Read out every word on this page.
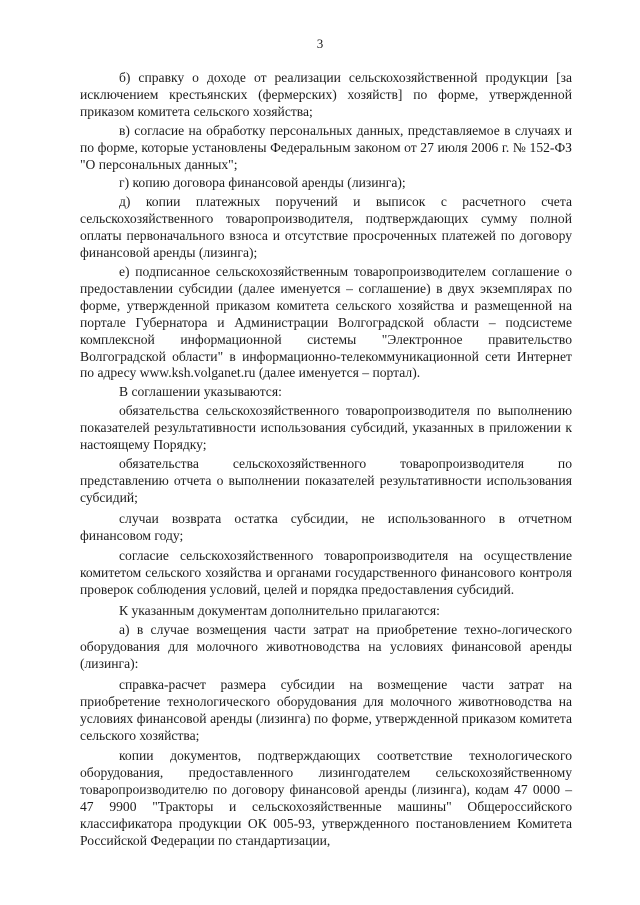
3

б) справку о доходе от реализации сельскохозяйственной продукции [за исключением крестьянских (фермерских) хозяйств] по форме, утвержденной приказом комитета сельского хозяйства;

в) согласие на обработку персональных данных, представляемое в случаях и по форме, которые установлены Федеральным законом от 27 июля 2006 г. № 152-ФЗ "О персональных данных";

г) копию договора финансовой аренды (лизинга);

д) копии платежных поручений и выписок с расчетного счета сельскохозяйственного товаропроизводителя, подтверждающих сумму полной оплаты первоначального взноса и отсутствие просроченных платежей по договору финансовой аренды (лизинга);

е) подписанное сельскохозяйственным товаропроизводителем соглашение о предоставлении субсидии (далее именуется – соглашение) в двух экземплярах по форме, утвержденной приказом комитета сельского хозяйства и размещенной на портале Губернатора и Администрации Волгоградской области – подсистеме комплексной информационной системы "Электронное правительство Волгоградской области" в информационно-телекоммуникационной сети Интернет по адресу www.ksh.volganet.ru (далее именуется – портал).

В соглашении указываются:

обязательства сельскохозяйственного товаропроизводителя по выполнению показателей результативности использования субсидий, указанных в приложении к настоящему Порядку;

обязательства сельскохозяйственного товаропроизводителя по представлению отчета о выполнении показателей результативности использования субсидий;

случаи возврата остатка субсидии, не использованного в отчетном финансовом году;

согласие сельскохозяйственного товаропроизводителя на осуществление комитетом сельского хозяйства и органами государственного финансового контроля проверок соблюдения условий, целей и порядка предоставления субсидий.

К указанным документам дополнительно прилагаются:

а) в случае возмещения части затрат на приобретение техно-логического оборудования для молочного животноводства на условиях финансовой аренды (лизинга):

справка-расчет размера субсидии на возмещение части затрат на приобретение технологического оборудования для молочного животноводства на условиях финансовой аренды (лизинга) по форме, утвержденной приказом комитета сельского хозяйства;

копии документов, подтверждающих соответствие технологического оборудования, предоставленного лизингодателем сельскохозяйственному товаропроизводителю по договору финансовой аренды (лизинга), кодам 47 0000 – 47 9900 "Тракторы и сельскохозяйственные машины" Общероссийского классификатора продукции ОК 005-93, утвержденного постановлением Комитета Российской Федерации по стандартизации,
